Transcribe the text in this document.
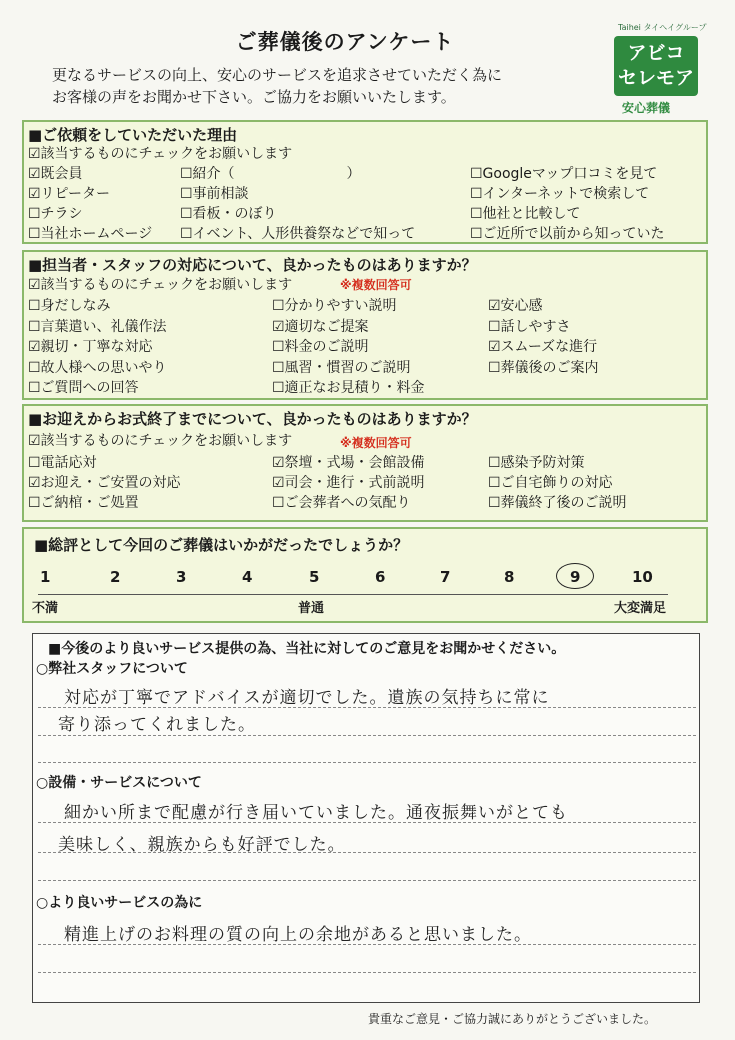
ご葬儀後のアンケート
更なるサービスの向上、安心のサービスを追求させていただく為に
お客様の声をお聞かせ下さい。ご協力をお願いいたします。
Taihei タイヘイグループ
アビコ
セレモア
安心葬儀
■ご依頼をしていただいた理由
☑該当するものにチェックをお願いします
☑既会員	☐紹介（　　　　　　　　）	☐Googleマップ口コミを見て
☑リピーター	☐事前相談	☐インターネットで検索して
☐チラシ	☐看板・のぼり	☐他社と比較して
☐当社ホームページ ☐イベント、人形供養祭などで知って	☐ご近所で以前から知っていた
■担当者・スタッフの対応について、良かったものはありますか？
☑該当するものにチェックをお願いします	※複数回答可
☐身だしなみ	☐分かりやすい説明	☑安心感
☐言葉遣い、礼儀作法	☑適切なご提案	☐話しやすさ
☑親切・丁寧な対応	☐料金のご説明	☑スムーズな進行
☐故人様への思いやり	☐風習・慣習のご説明	☐葬儀後のご案内
☐ご質問への回答	☐適正なお見積り・料金
■お迎えからお式終了までについて、良かったものはありますか？
☑該当するものにチェックをお願いします	※複数回答可
☐電話応対	☑祭壇・式場・会館設備	☐感染予防対策
☑お迎え・ご安置の対応	☑司会・進行・式前説明	☐ご自宅飾りの対応
☐ご納棺・ご処置	☐ご会葬者への気配り	☐葬儀終了後のご説明
■総評として今回のご葬儀はいかがだったでしょうか？
1	2	3	4	5	6	7	8	9	10
不満	普通	大変満足
■今後のより良いサービス提供の為、当社に対してのご意見をお聞かせください。
○弊社スタッフについて
対応が丁寧でアドバイスが適切でした。遺族の気持ちに常に
寄り添ってくれました。
○設備・サービスについて
細かい所まで配慮が行き届いていました。通夜振舞いがとても
美味しく、親族からも好評でした。
○より良いサービスの為に
精進上げのお料理の質の向上の余地があると思いました。
貴重なご意見・ご協力誠にありがとうございました。
